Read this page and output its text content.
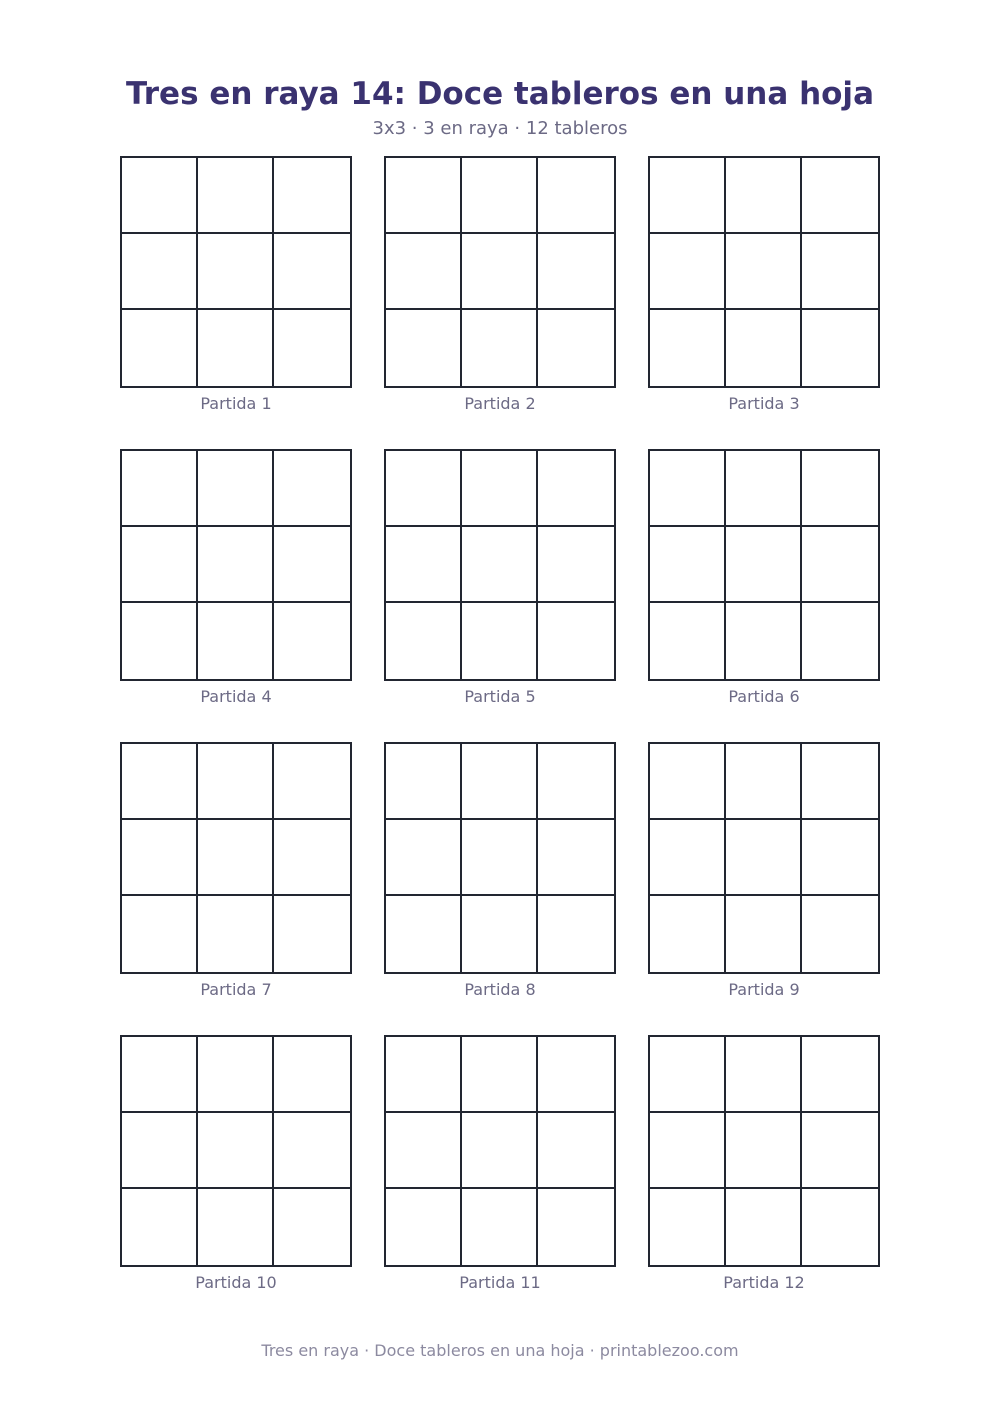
Tres en raya 14: Doce tableros en una hoja
3x3 · 3 en raya · 12 tableros
Partida 1	Partida 2	Partida 3
Partida 4	Partida 5	Partida 6
Partida 7	Partida 8	Partida 9
Partida 10	Partida 11	Partida 12
Tres en raya · Doce tableros en una hoja · printablezoo.com
